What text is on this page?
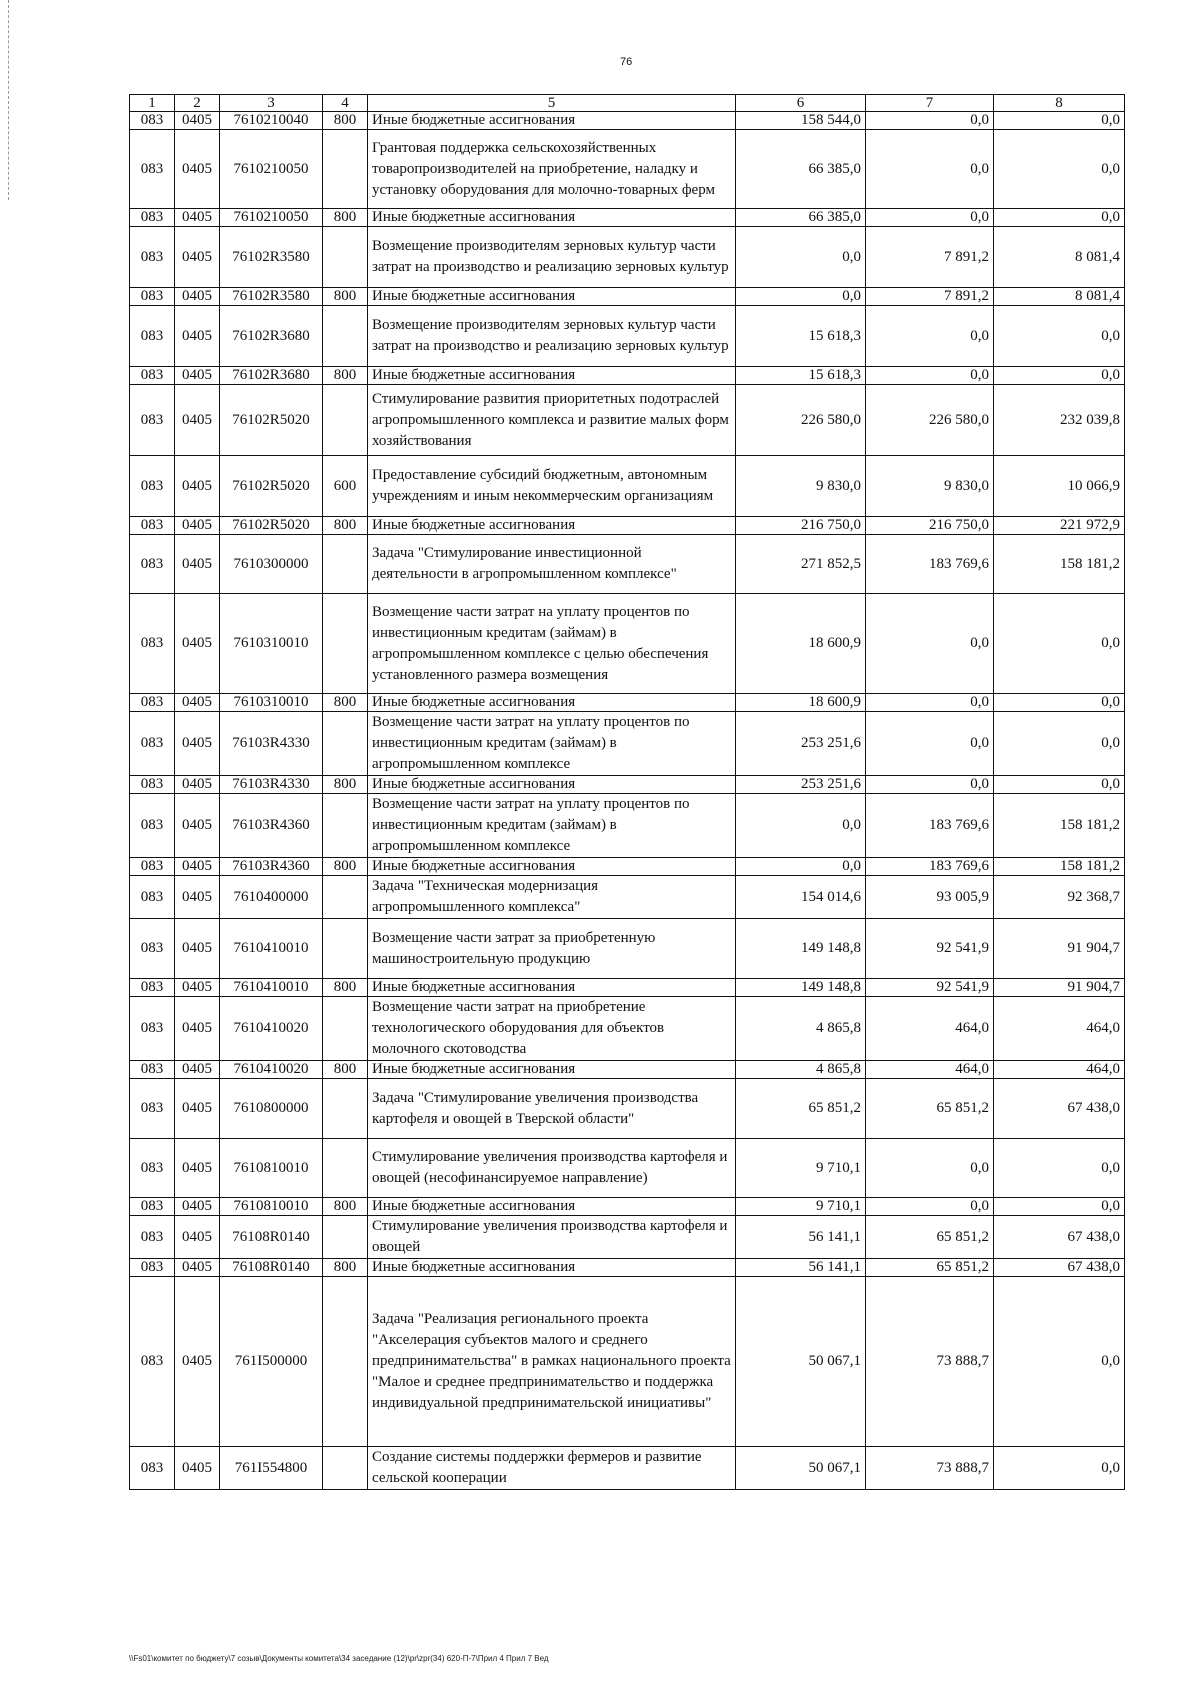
76
1	2	3	4	5	6	7	8
083	0405	7610210040	800	Иные бюджетные ассигнования	158 544,0	0,0	0,0
083	0405	7610210050		Грантовая поддержка сельскохозяйственных товаропроизводителей на приобретение, наладку и установку оборудования для молочно-товарных ферм	66 385,0	0,0	0,0
083	0405	7610210050	800	Иные бюджетные ассигнования	66 385,0	0,0	0,0
083	0405	76102R3580		Возмещение производителям зерновых культур части затрат на производство и реализацию зерновых культур	0,0	7 891,2	8 081,4
083	0405	76102R3580	800	Иные бюджетные ассигнования	0,0	7 891,2	8 081,4
083	0405	76102R3680		Возмещение производителям зерновых культур части затрат на производство и реализацию зерновых культур	15 618,3	0,0	0,0
083	0405	76102R3680	800	Иные бюджетные ассигнования	15 618,3	0,0	0,0
083	0405	76102R5020		Стимулирование развития приоритетных подотраслей агропромышленного комплекса и развитие малых форм хозяйствования	226 580,0	226 580,0	232 039,8
083	0405	76102R5020	600	Предоставление субсидий бюджетным, автономным учреждениям и иным некоммерческим организациям	9 830,0	9 830,0	10 066,9
083	0405	76102R5020	800	Иные бюджетные ассигнования	216 750,0	216 750,0	221 972,9
083	0405	7610300000		Задача "Стимулирование инвестиционной деятельности в агропромышленном комплексе"	271 852,5	183 769,6	158 181,2
083	0405	7610310010		Возмещение части затрат на уплату процентов по инвестиционным кредитам (займам) в агропромышленном комплексе с целью обеспечения установленного размера возмещения	18 600,9	0,0	0,0
083	0405	7610310010	800	Иные бюджетные ассигнования	18 600,9	0,0	0,0
083	0405	76103R4330		Возмещение части затрат на уплату процентов по инвестиционным кредитам (займам) в агропромышленном комплексе	253 251,6	0,0	0,0
083	0405	76103R4330	800	Иные бюджетные ассигнования	253 251,6	0,0	0,0
083	0405	76103R4360		Возмещение части затрат на уплату процентов по инвестиционным кредитам (займам) в агропромышленном комплексе	0,0	183 769,6	158 181,2
083	0405	76103R4360	800	Иные бюджетные ассигнования	0,0	183 769,6	158 181,2
083	0405	7610400000		Задача "Техническая модернизация агропромышленного комплекса"	154 014,6	93 005,9	92 368,7
083	0405	7610410010		Возмещение части затрат за приобретенную машиностроительную продукцию	149 148,8	92 541,9	91 904,7
083	0405	7610410010	800	Иные бюджетные ассигнования	149 148,8	92 541,9	91 904,7
083	0405	7610410020		Возмещение части затрат на приобретение технологического оборудования для объектов молочного скотоводства	4 865,8	464,0	464,0
083	0405	7610410020	800	Иные бюджетные ассигнования	4 865,8	464,0	464,0
083	0405	7610800000		Задача "Стимулирование увеличения производства картофеля и овощей в Тверской области"	65 851,2	65 851,2	67 438,0
083	0405	7610810010		Стимулирование увеличения производства картофеля и овощей (несофинансируемое направление)	9 710,1	0,0	0,0
083	0405	7610810010	800	Иные бюджетные ассигнования	9 710,1	0,0	0,0
083	0405	76108R0140		Стимулирование увеличения производства картофеля и овощей	56 141,1	65 851,2	67 438,0
083	0405	76108R0140	800	Иные бюджетные ассигнования	56 141,1	65 851,2	67 438,0
083	0405	761I500000		Задача "Реализация регионального проекта "Акселерация субъектов малого и среднего предпринимательства" в рамках национального проекта "Малое и среднее предпринимательство и поддержка индивидуальной предпринимательской инициативы"	50 067,1	73 888,7	0,0
083	0405	761I554800		Создание системы поддержки фермеров и развитие сельской кооперации	50 067,1	73 888,7	0,0
\\Fs01\комитет по бюджету\7 созыв\Документы комитета\34 заседание (12)\pr\zpr(34) 620-П-7\Прил 4 Прил 7 Вед
